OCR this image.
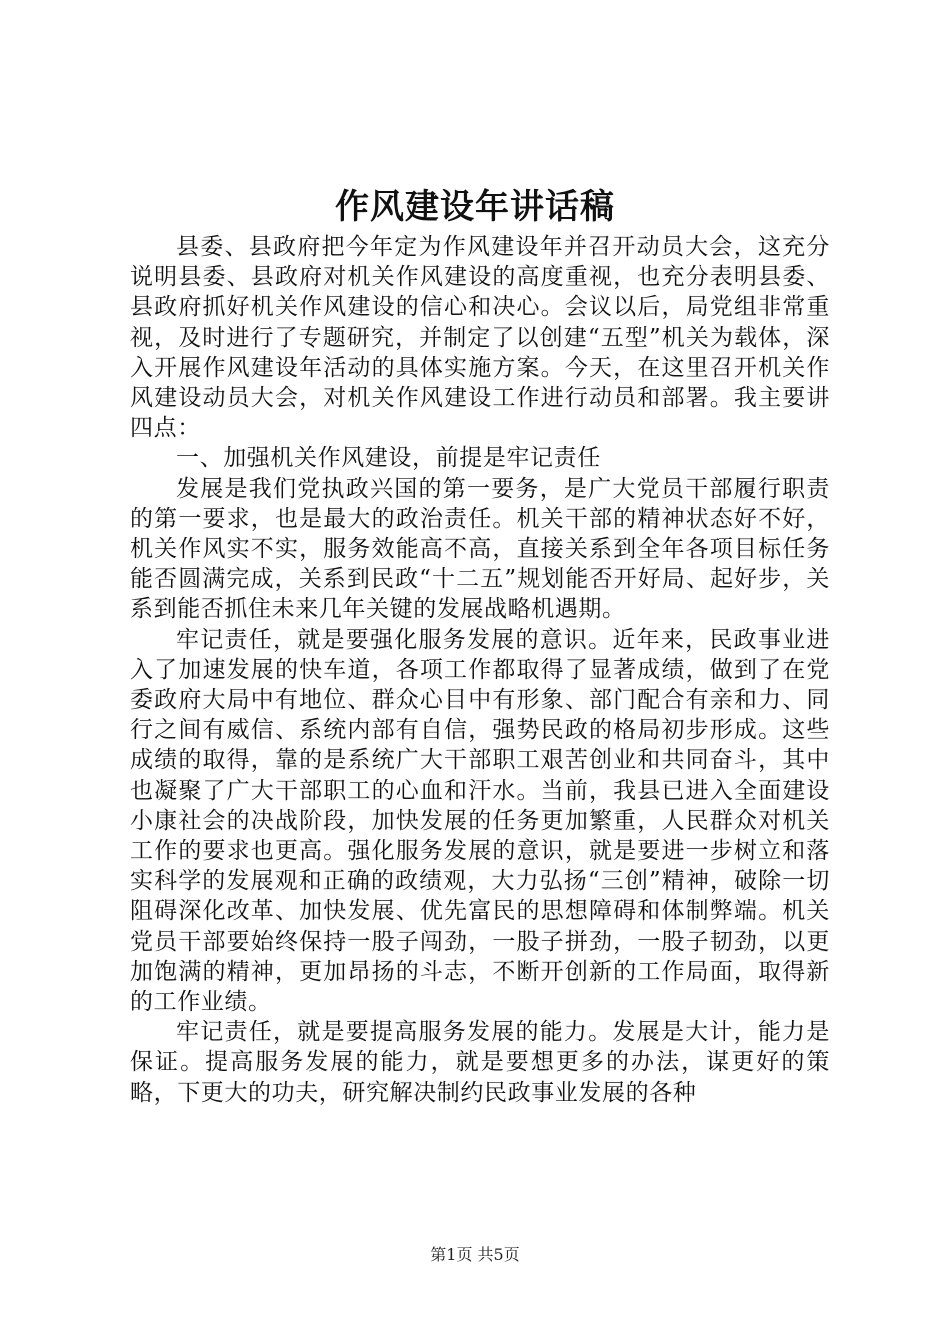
作风建设年讲话稿

县委、县政府把今年定为作风建设年并召开动员大会，这充分说明县委、县政府对机关作风建设的高度重视，也充分表明县委、县政府抓好机关作风建设的信心和决心。会议以后，局党组非常重视，及时进行了专题研究，并制定了以创建“五型”机关为载体，深入开展作风建设年活动的具体实施方案。今天，在这里召开机关作风建设动员大会，对机关作风建设工作进行动员和部署。我主要讲四点：

一、加强机关作风建设，前提是牢记责任

发展是我们党执政兴国的第一要务，是广大党员干部履行职责的第一要求，也是最大的政治责任。机关干部的精神状态好不好，机关作风实不实，服务效能高不高，直接关系到全年各项目标任务能否圆满完成，关系到民政“十二五”规划能否开好局、起好步，关系到能否抓住未来几年关键的发展战略机遇期。

牢记责任，就是要强化服务发展的意识。近年来，民政事业进入了加速发展的快车道，各项工作都取得了显著成绩，做到了在党委政府大局中有地位、群众心目中有形象、部门配合有亲和力、同行之间有威信、系统内部有自信，强势民政的格局初步形成。这些成绩的取得，靠的是系统广大干部职工艰苦创业和共同奋斗，其中也凝聚了广大干部职工的心血和汗水。当前，我县已进入全面建设小康社会的决战阶段，加快发展的任务更加繁重，人民群众对机关工作的要求也更高。强化服务发展的意识，就是要进一步树立和落实科学的发展观和正确的政绩观，大力弘扬“三创”精神，破除一切阻碍深化改革、加快发展、优先富民的思想障碍和体制弊端。机关党员干部要始终保持一股子闯劲，一股子拼劲，一股子韧劲，以更加饱满的精神，更加昂扬的斗志，不断开创新的工作局面，取得新的工作业绩。

牢记责任，就是要提高服务发展的能力。发展是大计，能力是保证。提高服务发展的能力，就是要想更多的办法，谋更好的策略，下更大的功夫，研究解决制约民政事业发展的各种

第1页 共5页
